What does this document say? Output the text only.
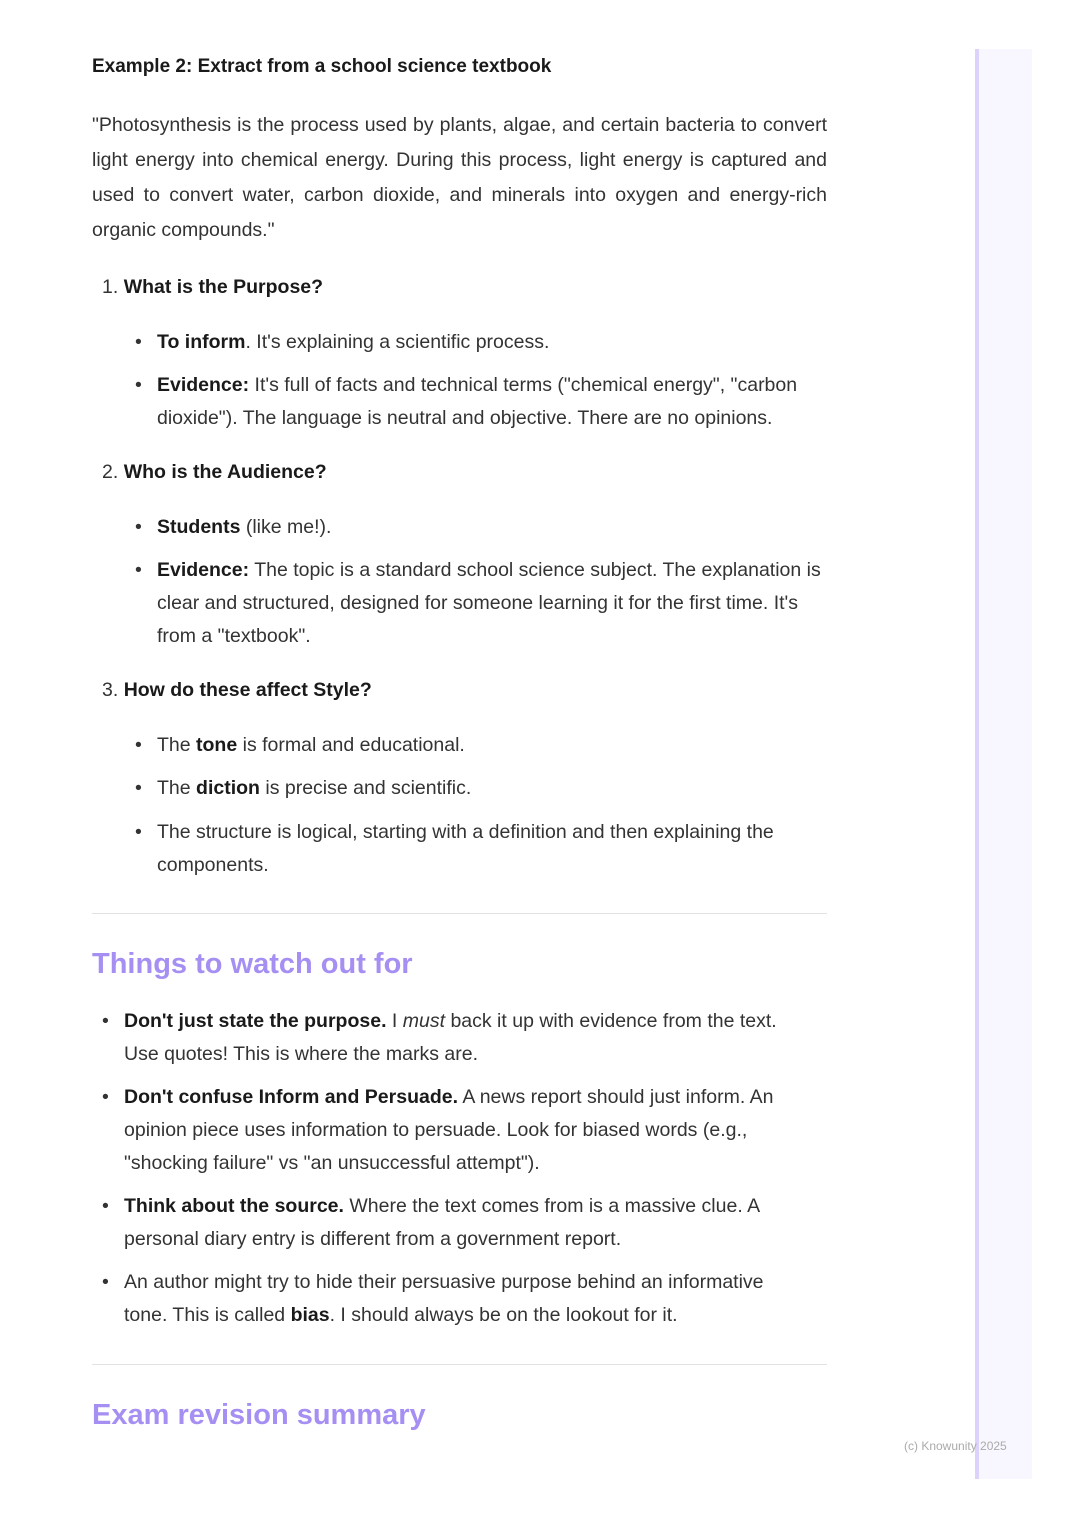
Example 2: Extract from a school science textbook
"Photosynthesis is the process used by plants, algae, and certain bacteria to convert light energy into chemical energy. During this process, light energy is captured and used to convert water, carbon dioxide, and minerals into oxygen and energy-rich organic compounds."
1. What is the Purpose?
• To inform. It's explaining a scientific process.
• Evidence: It's full of facts and technical terms ("chemical energy", "carbon dioxide"). The language is neutral and objective. There are no opinions.
2. Who is the Audience?
• Students (like me!).
• Evidence: The topic is a standard school science subject. The explanation is clear and structured, designed for someone learning it for the first time. It's from a "textbook".
3. How do these affect Style?
• The tone is formal and educational.
• The diction is precise and scientific.
• The structure is logical, starting with a definition and then explaining the components.
Things to watch out for
• Don't just state the purpose. I must back it up with evidence from the text. Use quotes! This is where the marks are.
• Don't confuse Inform and Persuade. A news report should just inform. An opinion piece uses information to persuade. Look for biased words (e.g., "shocking failure" vs "an unsuccessful attempt").
• Think about the source. Where the text comes from is a massive clue. A personal diary entry is different from a government report.
• An author might try to hide their persuasive purpose behind an informative tone. This is called bias. I should always be on the lookout for it.
Exam revision summary
(c) Knowunity 2025
